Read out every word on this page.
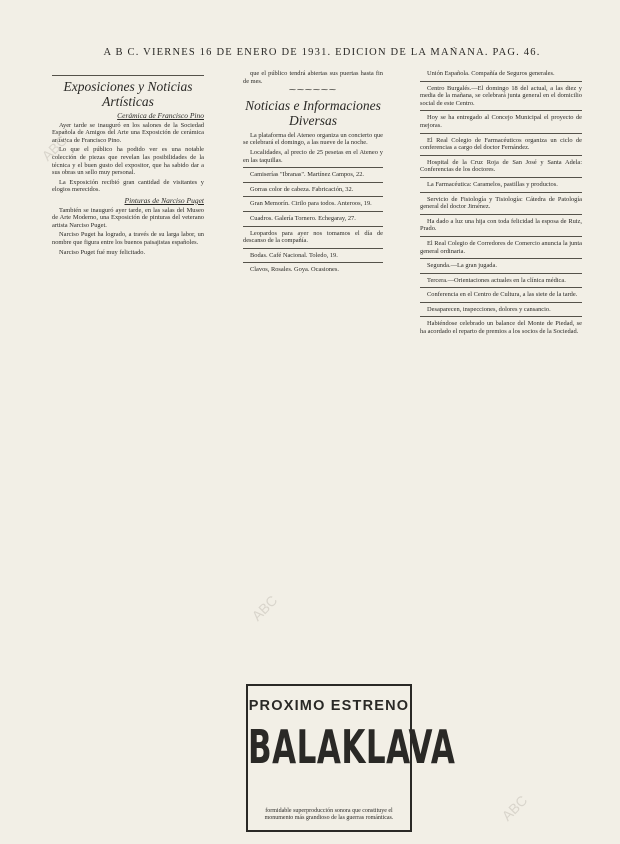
A B C. VIERNES 16 DE ENERO DE 1931. EDICION DE LA MAÑANA. PAG. 46.
Exposiciones y Noticias Artísticas
Cerámica de Francisco Pino

Ayer tarde se inauguró en los salones de la Sociedad Española de Amigos del Arte una Exposición de cerámica artística de Francisco Pino.

Lo que el público ha podido ver es una notable colección de piezas que revelan las posibilidades de la técnica y el buen gusto del expositor, que ha sabido dar a sus obras un sello muy personal.

La Exposición recibió gran cantidad de visitantes y elogios merecidos.

Pinturas de Narciso Puget

También se inauguró ayer tarde, en las salas del Museo de Arte Moderno, una Exposición de pinturas del veterano artista Narciso Puget.

Narciso Puget ha logrado, a través de su larga labor, un nombre que figura entre los buenos paisajistas españoles.

Narciso Puget fué muy felicitado.

que el público tendrá abiertas sus puertas hasta fin de mes.

⁓⁓⁓⁓⁓⁓
Noticias e Informaciones Diversas

La plataforma del Ateneo organiza un concierto que se celebrará el domingo, a las nueve de la noche.

Localidades, al precio de 25 pesetas en el Ateneo y en las taquillas.

Camiserías "Ibranas". Martínez Campos, 22.

Gorras color de cabeza. Fabricación, 32.

Gran Memorín. Cirilo para todos. Anteroos, 19.

Cuadros. Galería Tornero. Echegaray, 27.

Leopardos para ayer nos tomamos el día de descanso de la compañía.

Bodas. Café Nacional. Toledo, 19.

Clavos, Rosales. Goya. Ocasiones.

PROXIMO ESTRENO
BALAKLAVA
formidable superproducción sonora que constituye el monumento más grandioso de las guerras románticas.

Unión Española. Compañía de Seguros generales.

Centro Burgalés.—El domingo 18 del actual, a las diez y media de la mañana, se celebrará junta general en el domicilio social de este Centro.

Hoy se ha entregado al Concejo Municipal el proyecto de mejoras.

El Real Colegio de Farmacéuticos organiza un ciclo de conferencias a cargo del doctor Fernández.

Hospital de la Cruz Roja de San José y Santa Adela: Conferencias de los doctores.

La Farmacéutica: Caramelos, pastillas y productos.

Servicio de Fisiología y Tisiología: Cátedra de Patología general del doctor Jiménez.

Ha dado a luz una hija con toda felicidad la esposa de Ruiz, Prado.

El Real Colegio de Corredores de Comercio anuncia la junta general ordinaria.

Segunda.—La gran jugada.

Tercera.—Orientaciones actuales en la clínica médica.

Conferencia en el Centro de Cultura, a las siete de la tarde.

Desaparecen, inspecciones, dolores y cansancio.

Habiéndose celebrado un balance del Monte de Piedad, se ha acordado el reparto de premios a los socios de la Sociedad.

ABC
ABC
ABC
